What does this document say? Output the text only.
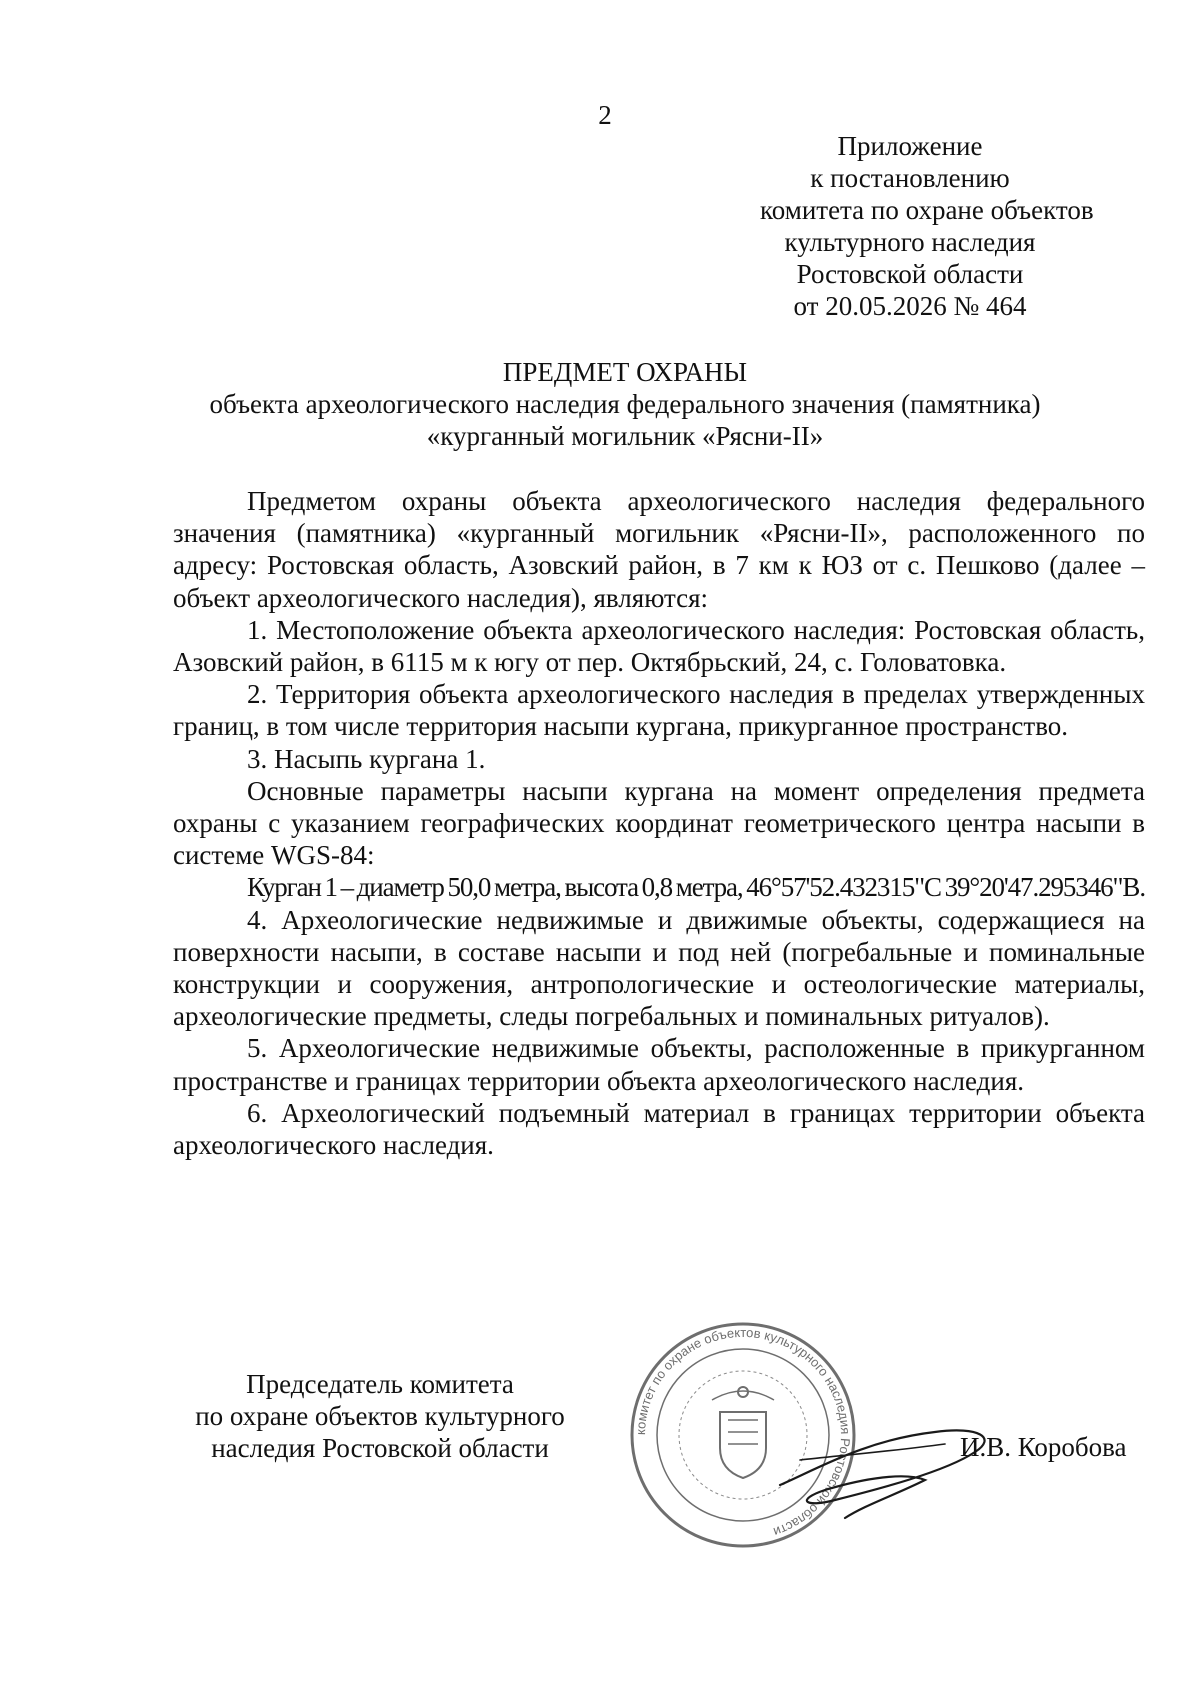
2
Приложение
к постановлению
комитета по охране объектов
культурного наследия
Ростовской области
от 20.05.2026 № 464
ПРЕДМЕТ ОХРАНЫ
объекта археологического наследия федерального значения (памятника)
«курганный могильник «Рясни-II»

Предметом охраны объекта археологического наследия федерального значения (памятника) «курганный могильник «Рясни-II», расположенного по адресу: Ростовская область, Азовский район, в 7 км к ЮЗ от с. Пешково (далее – объект археологического наследия), являются:

1. Местоположение объекта археологического наследия: Ростовская область, Азовский район, в 6115 м к югу от пер. Октябрьский, 24, с. Головатовка.

2. Территория объекта археологического наследия в пределах утвержденных границ, в том числе территория насыпи кургана, прикурганное пространство.

3. Насыпь кургана 1.

Основные параметры насыпи кургана на момент определения предмета охраны с указанием географических координат геометрического центра насыпи в системе WGS-84:

Курган 1 – диаметр 50,0 метра, высота 0,8 метра, 46°57'52.432315"С 39°20'47.295346"В.

4. Археологические недвижимые и движимые объекты, содержащиеся на поверхности насыпи, в составе насыпи и под ней (погребальные и поминальные конструкции и сооружения, антропологические и остеологические материалы, археологические предметы, следы погребальных и поминальных ритуалов).

5. Археологические недвижимые объекты, расположенные в прикурганном пространстве и границах территории объекта археологического наследия.

6. Археологический подъемный материал в границах территории объекта археологического наследия.

Председатель комитета
по охране объектов культурного
наследия Ростовской области
комитет по охране объектов культурного наследия Ростовской области
И.В. Коробова
